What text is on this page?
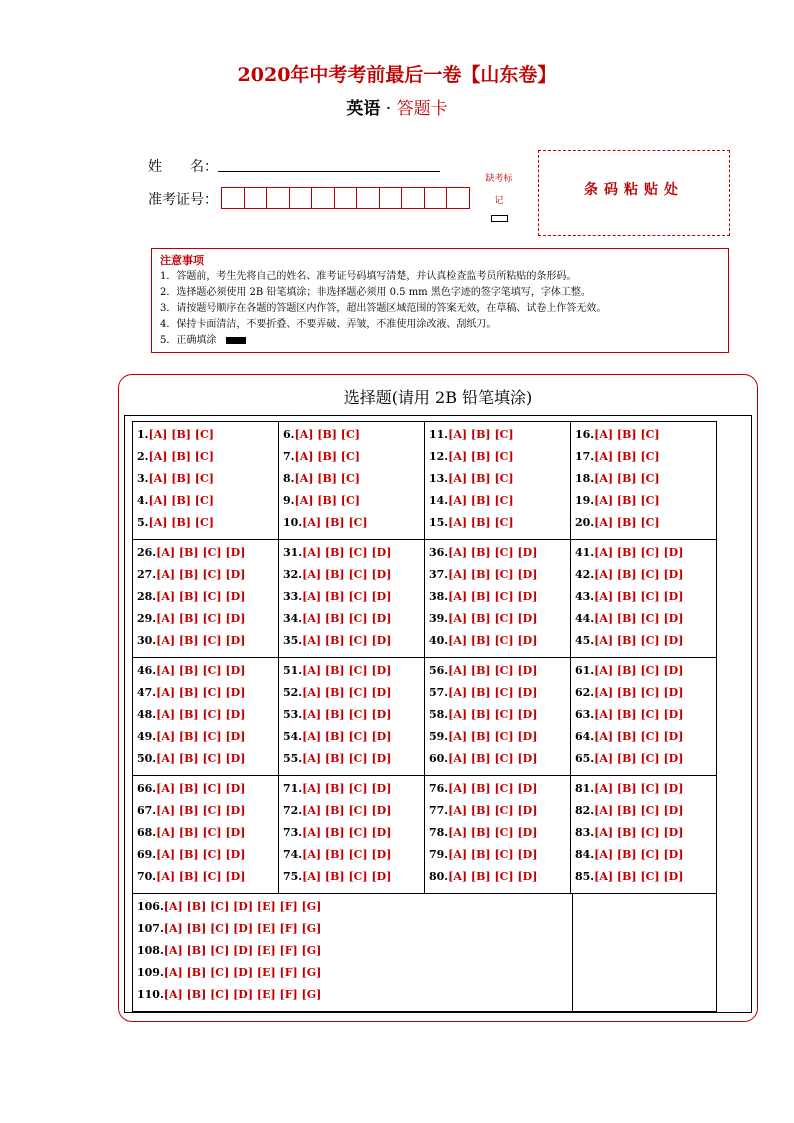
2020年中考考前最后一卷【山东卷】
英语 · 答题卡
姓　　名：
准考证号：
缺考标记
条码粘贴处
注意事项
1．答题前，考生先将自己的姓名、准考证号码填写清楚，并认真检查监考员所粘贴的条形码。
2．选择题必须使用 2B 铅笔填涂；非选择题必须用 0.5 mm 黑色字迹的签字笔填写，字体工整。
3．请按题号顺序在各题的答题区内作答，超出答题区域范围的答案无效，在草稿、试卷上作答无效。
4．保持卡面清洁，不要折叠、不要弄破、弄皱，不准使用涂改液、刮纸刀。
5．正确填涂
选择题(请用 2B 铅笔填涂)
1.[A] [B] [C]
2.[A] [B] [C]
3.[A] [B] [C]
4.[A] [B] [C]
5.[A] [B] [C]
6.[A] [B] [C]
7.[A] [B] [C]
8.[A] [B] [C]
9.[A] [B] [C]
10.[A] [B] [C]
11.[A] [B] [C]
12.[A] [B] [C]
13.[A] [B] [C]
14.[A] [B] [C]
15.[A] [B] [C]
16.[A] [B] [C]
17.[A] [B] [C]
18.[A] [B] [C]
19.[A] [B] [C]
20.[A] [B] [C]
26.[A] [B] [C] [D]
27.[A] [B] [C] [D]
28.[A] [B] [C] [D]
29.[A] [B] [C] [D]
30.[A] [B] [C] [D]
31.[A] [B] [C] [D]
32.[A] [B] [C] [D]
33.[A] [B] [C] [D]
34.[A] [B] [C] [D]
35.[A] [B] [C] [D]
36.[A] [B] [C] [D]
37.[A] [B] [C] [D]
38.[A] [B] [C] [D]
39.[A] [B] [C] [D]
40.[A] [B] [C] [D]
41.[A] [B] [C] [D]
42.[A] [B] [C] [D]
43.[A] [B] [C] [D]
44.[A] [B] [C] [D]
45.[A] [B] [C] [D]
46.[A] [B] [C] [D]
47.[A] [B] [C] [D]
48.[A] [B] [C] [D]
49.[A] [B] [C] [D]
50.[A] [B] [C] [D]
51.[A] [B] [C] [D]
52.[A] [B] [C] [D]
53.[A] [B] [C] [D]
54.[A] [B] [C] [D]
55.[A] [B] [C] [D]
56.[A] [B] [C] [D]
57.[A] [B] [C] [D]
58.[A] [B] [C] [D]
59.[A] [B] [C] [D]
60.[A] [B] [C] [D]
61.[A] [B] [C] [D]
62.[A] [B] [C] [D]
63.[A] [B] [C] [D]
64.[A] [B] [C] [D]
65.[A] [B] [C] [D]
66.[A] [B] [C] [D]
67.[A] [B] [C] [D]
68.[A] [B] [C] [D]
69.[A] [B] [C] [D]
70.[A] [B] [C] [D]
71.[A] [B] [C] [D]
72.[A] [B] [C] [D]
73.[A] [B] [C] [D]
74.[A] [B] [C] [D]
75.[A] [B] [C] [D]
76.[A] [B] [C] [D]
77.[A] [B] [C] [D]
78.[A] [B] [C] [D]
79.[A] [B] [C] [D]
80.[A] [B] [C] [D]
81.[A] [B] [C] [D]
82.[A] [B] [C] [D]
83.[A] [B] [C] [D]
84.[A] [B] [C] [D]
85.[A] [B] [C] [D]
106.[A] [B] [C] [D] [E] [F] [G]
107.[A] [B] [C] [D] [E] [F] [G]
108.[A] [B] [C] [D] [E] [F] [G]
109.[A] [B] [C] [D] [E] [F] [G]
110.[A] [B] [C] [D] [E] [F] [G]
